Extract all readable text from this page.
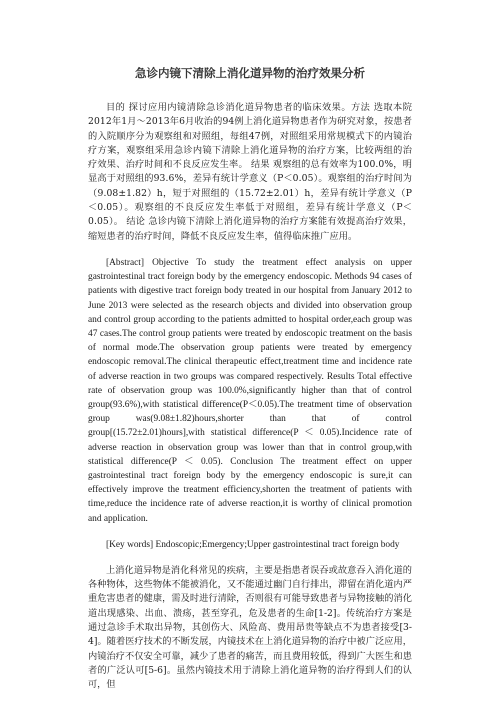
急诊内镜下清除上消化道异物的治疗效果分析

目的 探讨应用内镜清除急诊消化道异物患者的临床效果。方法 选取本院2012年1月～2013年6月收治的94例上消化道异物患者作为研究对象，按患者的入院顺序分为观察组和对照组，每组47例，对照组采用常规模式下的内镜治疗方案，观察组采用急诊内镜下清除上消化道异物的治疗方案，比较两组的治疗效果、治疗时间和不良反应发生率。 结果 观察组的总有效率为100.0%，明显高于对照组的93.6%，差异有统计学意义（P＜0.05）。观察组的治疗时间为（9.08±1.82）h，短于对照组的（15.72±2.01）h，差异有统计学意义（P＜0.05）。观察组的不良反应发生率低于对照组，差异有统计学意义（P＜0.05）。 结论 急诊内镜下清除上消化道异物的治疗方案能有效提高治疗效果，缩短患者的治疗时间，降低不良反应发生率，值得临床推广应用。

[Abstract] Objective To study the treatment effect analysis on upper gastrointestinal tract foreign body by the emergency endoscopic. Methods 94 cases of patients with digestive tract foreign body treated in our hospital from January 2012 to June 2013 were selected as the research objects and divided into observation group and control group according to the patients admitted to hospital order,each group was 47 cases.The control group patients were treated by endoscopic treatment on the basis of normal mode.The observation group patients were treated by emergency endoscopic removal.The clinical therapeutic effect,treatment time and incidence rate of adverse reaction in two groups was compared respectively. Results Total effective rate of observation group was 100.0%,significantly higher than that of control group(93.6%),with statistical difference(P＜0.05).The treatment time of observation group was(9.08±1.82)hours,shorter than that of control group[(15.72±2.01)hours],with statistical difference(P ＜ 0.05).Incidence rate of adverse reaction in observation group was lower than that in control group,with statistical difference(P ＜ 0.05). Conclusion The treatment effect on upper gastrointestinal tract foreign body by the emergency endoscopic is sure,it can effectively improve the treatment efficiency,shorten the treatment of patients with time,reduce the incidence rate of adverse reaction,it is worthy of clinical promotion and application.

[Key words] Endoscopic;Emergency;Upper gastrointestinal tract foreign body

上消化道异物是消化科常见的疾病，主要是指患者误吞或故意吞入消化道的各种物体，这些物体不能被消化，又不能通过幽门自行排出，滞留在消化道内严重危害患者的健康，需及时进行清除，否则很有可能导致患者与异物接触的消化道出现感染、出血、溃疡，甚至穿孔，危及患者的生命[1-2]。传统治疗方案是通过急诊手术取出异物，其创伤大、风险高、费用昂贵等缺点不为患者接受[3-4]。随着医疗技术的不断发展，内镜技术在上消化道异物的治疗中被广泛应用，内镜治疗不仅安全可靠，减少了患者的痛苦，而且费用较低，得到广大医生和患者的广泛认可[5-6]。虽然内镜技术用于清除上消化道异物的治疗得到人们的认可，但
